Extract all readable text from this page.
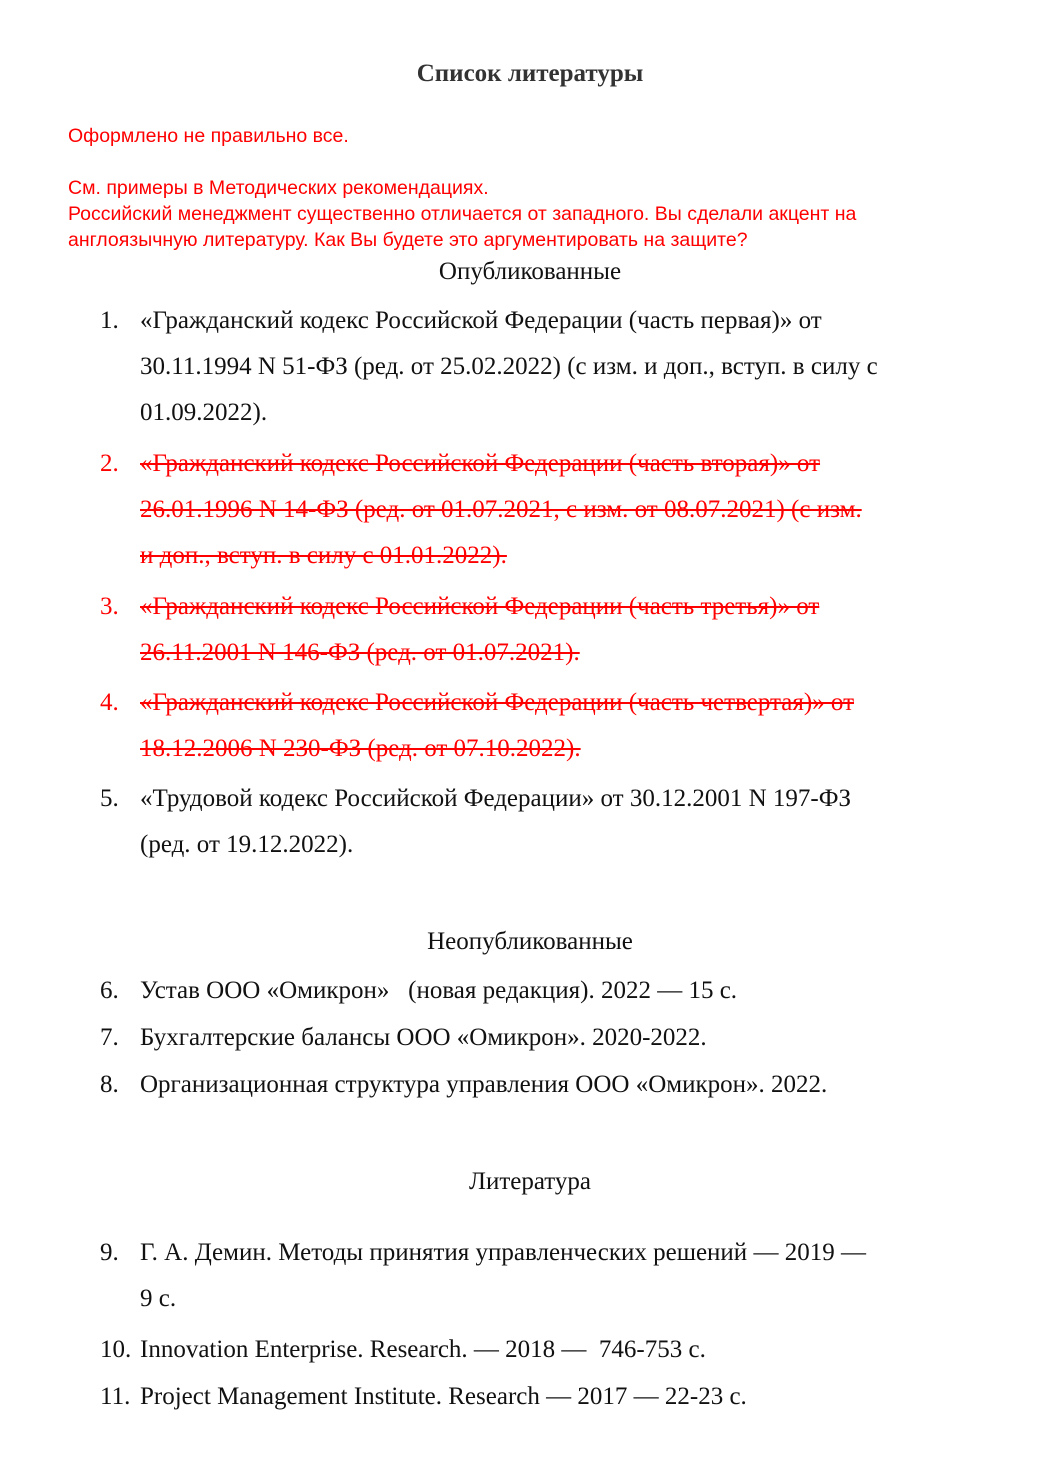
Список литературы
Оформлено не правильно все.
См. примеры в Методических рекомендациях.
Российский менеджмент существенно отличается от западного. Вы сделали акцент на
англоязычную литературу. Как Вы будете это аргументировать на защите?
Опубликованные
1. «Гражданский кодекс Российской Федерации (часть первая)» от
30.11.1994 N 51-ФЗ (ред. от 25.02.2022) (с изм. и доп., вступ. в силу с
01.09.2022).
2. «Гражданский кодекс Российской Федерации (часть вторая)» от
26.01.1996 N 14-ФЗ (ред. от 01.07.2021, с изм. от 08.07.2021) (с изм.
и доп., вступ. в силу с 01.01.2022).
3. «Гражданский кодекс Российской Федерации (часть третья)» от
26.11.2001 N 146-ФЗ (ред. от 01.07.2021).
4. «Гражданский кодекс Российской Федерации (часть четвертая)» от
18.12.2006 N 230-ФЗ (ред. от 07.10.2022).
5. «Трудовой кодекс Российской Федерации» от 30.12.2001 N 197-ФЗ
(ред. от 19.12.2022).
Неопубликованные
6. Устав ООО «Омикрон»   (новая редакция). 2022 — 15 с.
7. Бухгалтерские балансы ООО «Омикрон». 2020-2022.
8. Организационная структура управления ООО «Омикрон». 2022.
Литература
9. Г. А. Демин. Методы принятия управленческих решений — 2019 —
9 с.
10. Innovation Enterprise. Research. — 2018 —  746-753 с.
11. Project Management Institute. Research — 2017 — 22-23 с.
